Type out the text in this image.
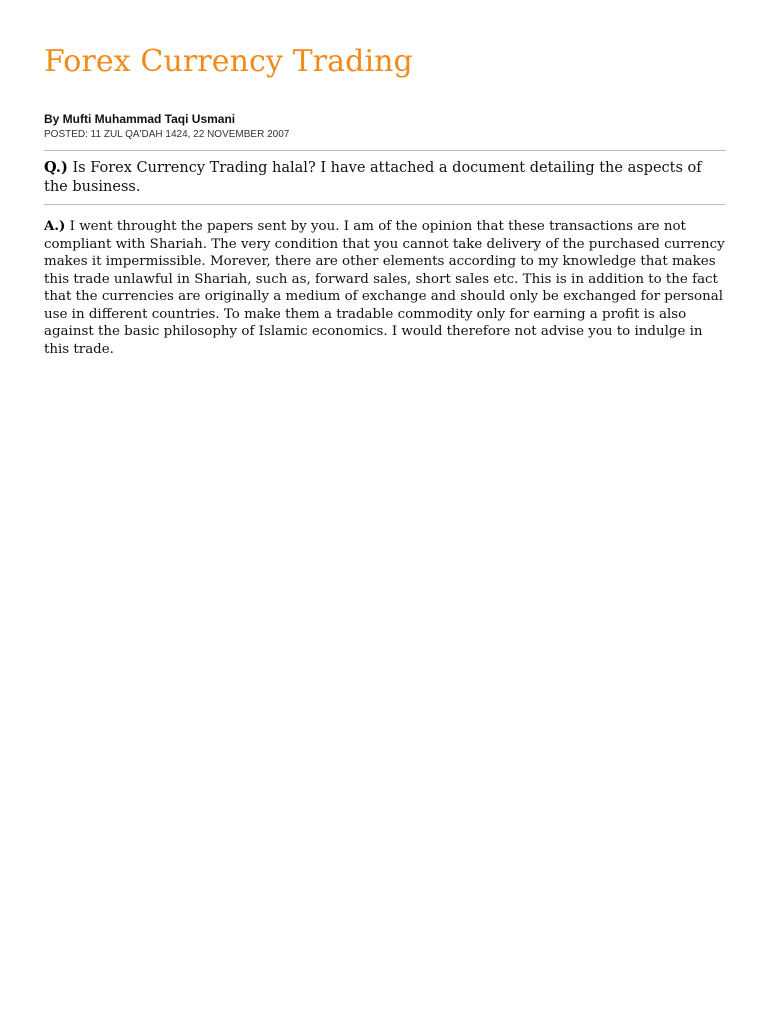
Forex Currency Trading
By Mufti Muhammad Taqi Usmani
POSTED: 11 ZUL QA'DAH 1424, 22 NOVEMBER 2007

Q.) Is Forex Currency Trading halal? I have attached a document detailing the aspects of the business.

A.) I went throught the papers sent by you. I am of the opinion that these transactions are not compliant with Shariah. The very condition that you cannot take delivery of the purchased currency makes it impermissible. Morever, there are other elements according to my knowledge that makes this trade unlawful in Shariah, such as, forward sales, short sales etc. This is in addition to the fact that the currencies are originally a medium of exchange and should only be exchanged for personal use in different countries. To make them a tradable commodity only for earning a profit is also against the basic philosophy of Islamic economics. I would therefore not advise you to indulge in this trade.
